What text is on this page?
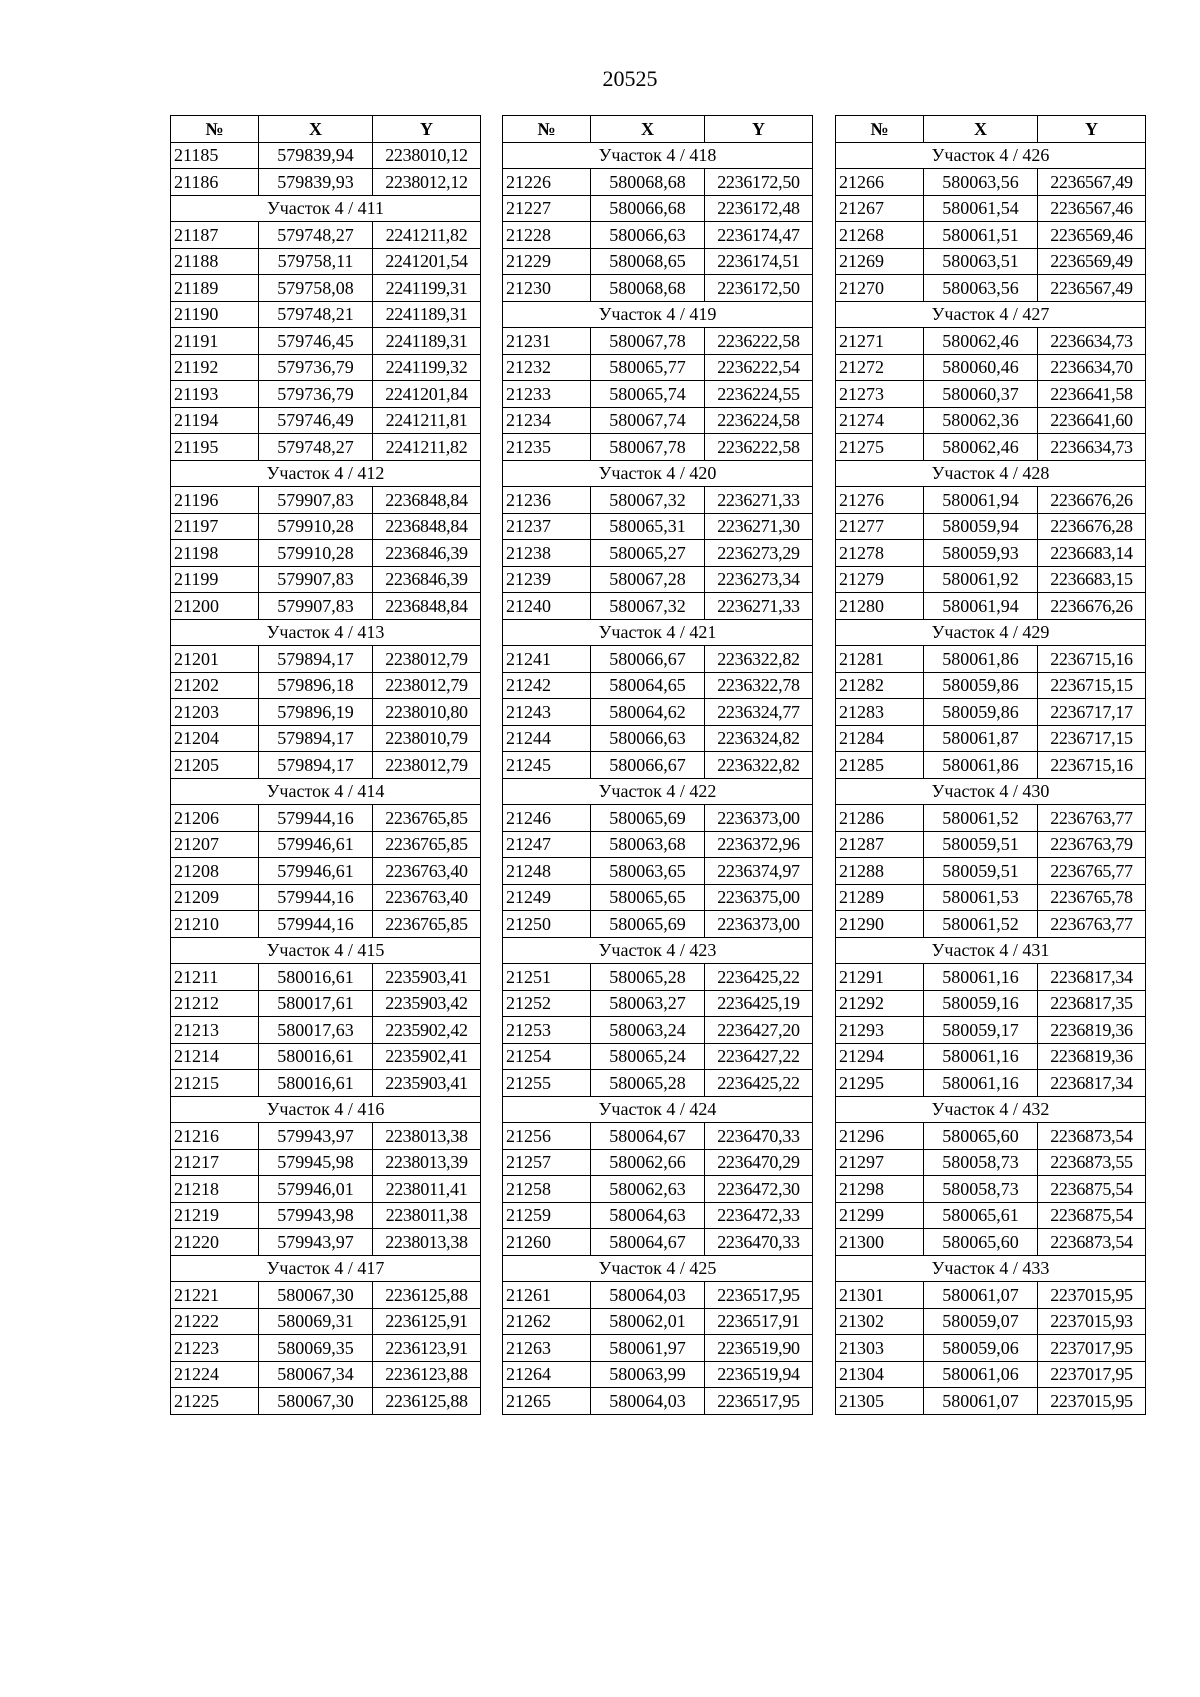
20525
№	X	Y
21185	579839,94	2238010,12
21186	579839,93	2238012,12
Участок 4 / 411		
21187	579748,27	2241211,82
21188	579758,11	2241201,54
21189	579758,08	2241199,31
21190	579748,21	2241189,31
21191	579746,45	2241189,31
21192	579736,79	2241199,32
21193	579736,79	2241201,84
21194	579746,49	2241211,81
21195	579748,27	2241211,82
Участок 4 / 412		
21196	579907,83	2236848,84
21197	579910,28	2236848,84
21198	579910,28	2236846,39
21199	579907,83	2236846,39
21200	579907,83	2236848,84
Участок 4 / 413		
21201	579894,17	2238012,79
21202	579896,18	2238012,79
21203	579896,19	2238010,80
21204	579894,17	2238010,79
21205	579894,17	2238012,79
Участок 4 / 414		
21206	579944,16	2236765,85
21207	579946,61	2236765,85
21208	579946,61	2236763,40
21209	579944,16	2236763,40
21210	579944,16	2236765,85
Участок 4 / 415		
21211	580016,61	2235903,41
21212	580017,61	2235903,42
21213	580017,63	2235902,42
21214	580016,61	2235902,41
21215	580016,61	2235903,41
Участок 4 / 416		
21216	579943,97	2238013,38
21217	579945,98	2238013,39
21218	579946,01	2238011,41
21219	579943,98	2238011,38
21220	579943,97	2238013,38
Участок 4 / 417		
21221	580067,30	2236125,88
21222	580069,31	2236125,91
21223	580069,35	2236123,91
21224	580067,34	2236123,88
21225	580067,30	2236125,88
№	X	Y
Участок 4 / 418		
21226	580068,68	2236172,50
21227	580066,68	2236172,48
21228	580066,63	2236174,47
21229	580068,65	2236174,51
21230	580068,68	2236172,50
Участок 4 / 419		
21231	580067,78	2236222,58
21232	580065,77	2236222,54
21233	580065,74	2236224,55
21234	580067,74	2236224,58
21235	580067,78	2236222,58
Участок 4 / 420		
21236	580067,32	2236271,33
21237	580065,31	2236271,30
21238	580065,27	2236273,29
21239	580067,28	2236273,34
21240	580067,32	2236271,33
Участок 4 / 421		
21241	580066,67	2236322,82
21242	580064,65	2236322,78
21243	580064,62	2236324,77
21244	580066,63	2236324,82
21245	580066,67	2236322,82
Участок 4 / 422		
21246	580065,69	2236373,00
21247	580063,68	2236372,96
21248	580063,65	2236374,97
21249	580065,65	2236375,00
21250	580065,69	2236373,00
Участок 4 / 423		
21251	580065,28	2236425,22
21252	580063,27	2236425,19
21253	580063,24	2236427,20
21254	580065,24	2236427,22
21255	580065,28	2236425,22
Участок 4 / 424		
21256	580064,67	2236470,33
21257	580062,66	2236470,29
21258	580062,63	2236472,30
21259	580064,63	2236472,33
21260	580064,67	2236470,33
Участок 4 / 425		
21261	580064,03	2236517,95
21262	580062,01	2236517,91
21263	580061,97	2236519,90
21264	580063,99	2236519,94
21265	580064,03	2236517,95
№	X	Y
Участок 4 / 426		
21266	580063,56	2236567,49
21267	580061,54	2236567,46
21268	580061,51	2236569,46
21269	580063,51	2236569,49
21270	580063,56	2236567,49
Участок 4 / 427		
21271	580062,46	2236634,73
21272	580060,46	2236634,70
21273	580060,37	2236641,58
21274	580062,36	2236641,60
21275	580062,46	2236634,73
Участок 4 / 428		
21276	580061,94	2236676,26
21277	580059,94	2236676,28
21278	580059,93	2236683,14
21279	580061,92	2236683,15
21280	580061,94	2236676,26
Участок 4 / 429		
21281	580061,86	2236715,16
21282	580059,86	2236715,15
21283	580059,86	2236717,17
21284	580061,87	2236717,15
21285	580061,86	2236715,16
Участок 4 / 430		
21286	580061,52	2236763,77
21287	580059,51	2236763,79
21288	580059,51	2236765,77
21289	580061,53	2236765,78
21290	580061,52	2236763,77
Участок 4 / 431		
21291	580061,16	2236817,34
21292	580059,16	2236817,35
21293	580059,17	2236819,36
21294	580061,16	2236819,36
21295	580061,16	2236817,34
Участок 4 / 432		
21296	580065,60	2236873,54
21297	580058,73	2236873,55
21298	580058,73	2236875,54
21299	580065,61	2236875,54
21300	580065,60	2236873,54
Участок 4 / 433		
21301	580061,07	2237015,95
21302	580059,07	2237015,93
21303	580059,06	2237017,95
21304	580061,06	2237017,95
21305	580061,07	2237015,95
